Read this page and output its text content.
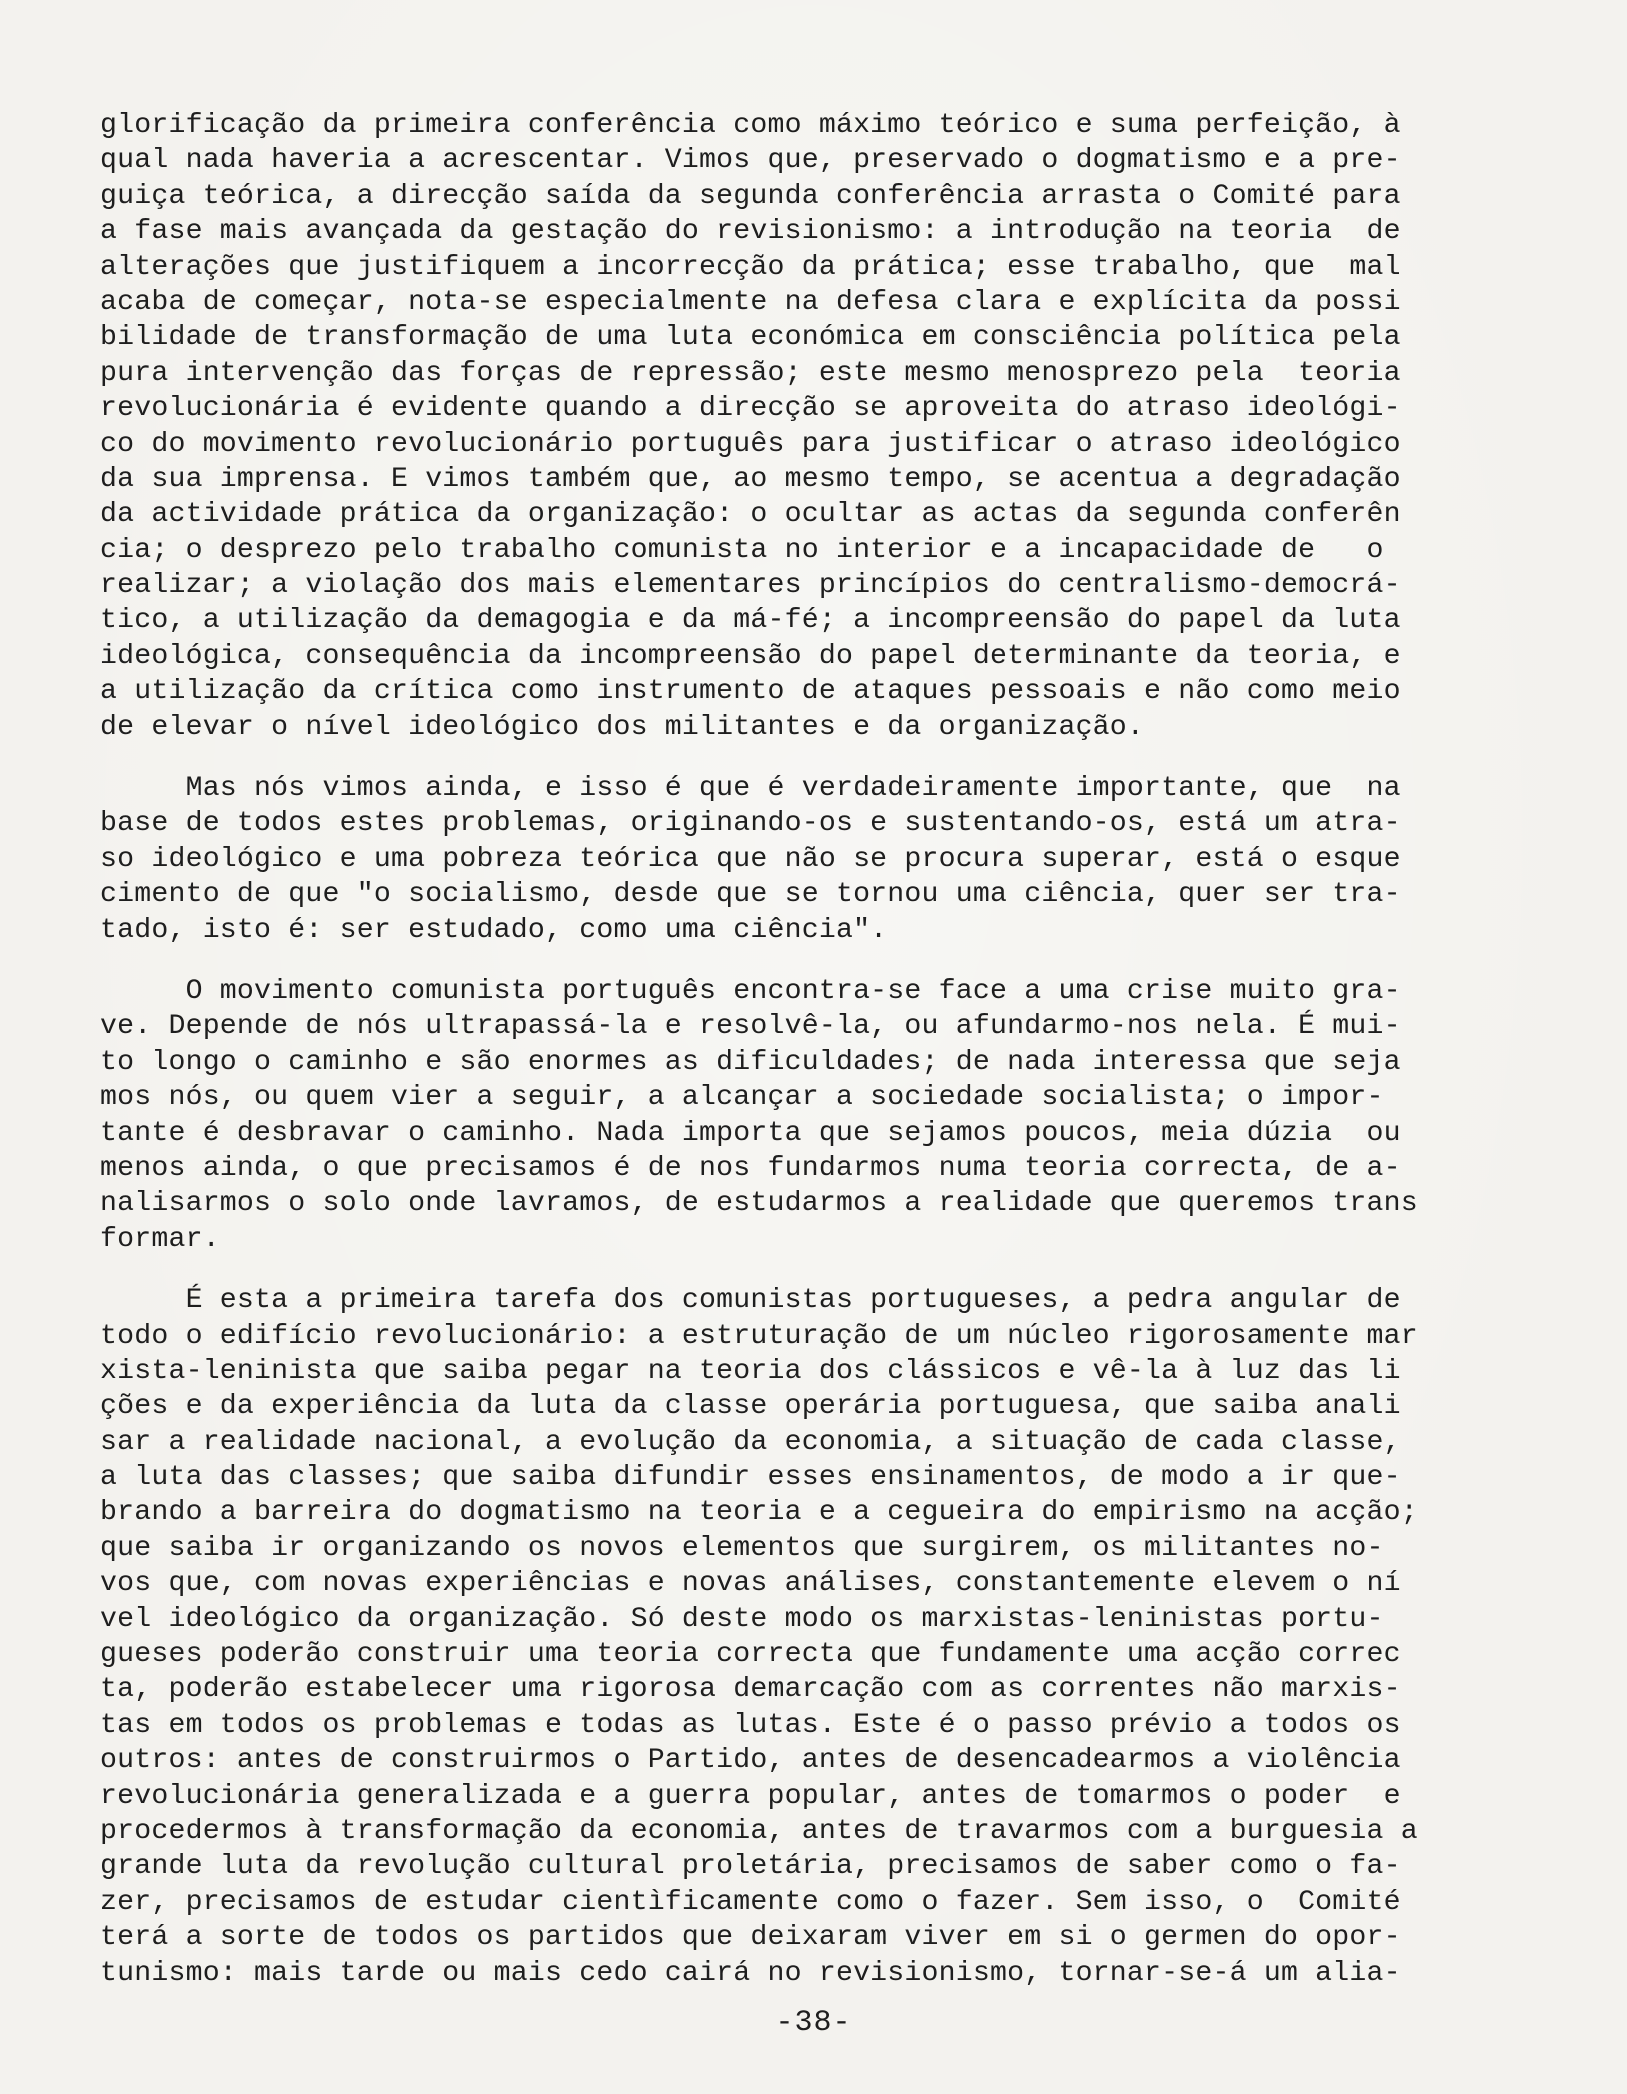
glorificação da primeira conferência como máximo teórico e suma perfeição, à
qual nada haveria a acrescentar. Vimos que, preservado o dogmatismo e a pre-
guiça teórica, a direcção saída da segunda conferência arrasta o Comité para
a fase mais avançada da gestação do revisionismo: a introdução na teoria  de
alterações que justifiquem a incorrecção da prática; esse trabalho, que  mal
acaba de começar, nota-se especialmente na defesa clara e explícita da possi
bilidade de transformação de uma luta económica em consciência política pela
pura intervenção das forças de repressão; este mesmo menosprezo pela  teoria
revolucionária é evidente quando a direcção se aproveita do atraso ideológi-
co do movimento revolucionário português para justificar o atraso ideológico
da sua imprensa. E vimos também que, ao mesmo tempo, se acentua a degradação
da actividade prática da organização: o ocultar as actas da segunda conferên
cia; o desprezo pelo trabalho comunista no interior e a incapacidade de   o
realizar; a violação dos mais elementares princípios do centralismo-democrá-
tico, a utilização da demagogia e da má-fé; a incompreensão do papel da luta
ideológica, consequência da incompreensão do papel determinante da teoria, e
a utilização da crítica como instrumento de ataques pessoais e não como meio
de elevar o nível ideológico dos militantes e da organização.
Mas nós vimos ainda, e isso é que é verdadeiramente importante, que  na
base de todos estes problemas, originando-os e sustentando-os, está um atra-
so ideológico e uma pobreza teórica que não se procura superar, está o esque
cimento de que "o socialismo, desde que se tornou uma ciência, quer ser tra-
tado, isto é: ser estudado, como uma ciência".
O movimento comunista português encontra-se face a uma crise muito gra-
ve. Depende de nós ultrapassá-la e resolvê-la, ou afundarmo-nos nela. É mui-
to longo o caminho e são enormes as dificuldades; de nada interessa que seja
mos nós, ou quem vier a seguir, a alcançar a sociedade socialista; o impor-
tante é desbravar o caminho. Nada importa que sejamos poucos, meia dúzia  ou
menos ainda, o que precisamos é de nos fundarmos numa teoria correcta, de a-
nalisarmos o solo onde lavramos, de estudarmos a realidade que queremos trans
formar.
É esta a primeira tarefa dos comunistas portugueses, a pedra angular de
todo o edifício revolucionário: a estruturação de um núcleo rigorosamente mar
xista-leninista que saiba pegar na teoria dos clássicos e vê-la à luz das li
ções e da experiência da luta da classe operária portuguesa, que saiba anali
sar a realidade nacional, a evolução da economia, a situação de cada classe,
a luta das classes; que saiba difundir esses ensinamentos, de modo a ir que-
brando a barreira do dogmatismo na teoria e a cegueira do empirismo na acção;
que saiba ir organizando os novos elementos que surgirem, os militantes no-
vos que, com novas experiências e novas análises, constantemente elevem o ní
vel ideológico da organização. Só deste modo os marxistas-leninistas portu-
gueses poderão construir uma teoria correcta que fundamente uma acção correc
ta, poderão estabelecer uma rigorosa demarcação com as correntes não marxis-
tas em todos os problemas e todas as lutas. Este é o passo prévio a todos os
outros: antes de construirmos o Partido, antes de desencadearmos a violência
revolucionária generalizada e a guerra popular, antes de tomarmos o poder  e
procedermos à transformação da economia, antes de travarmos com a burguesia a
grande luta da revolução cultural proletária, precisamos de saber como o fa-
zer, precisamos de estudar cientìficamente como o fazer. Sem isso, o  Comité
terá a sorte de todos os partidos que deixaram viver em si o germen do opor-
tunismo: mais tarde ou mais cedo cairá no revisionismo, tornar-se-á um alia-
-38-
